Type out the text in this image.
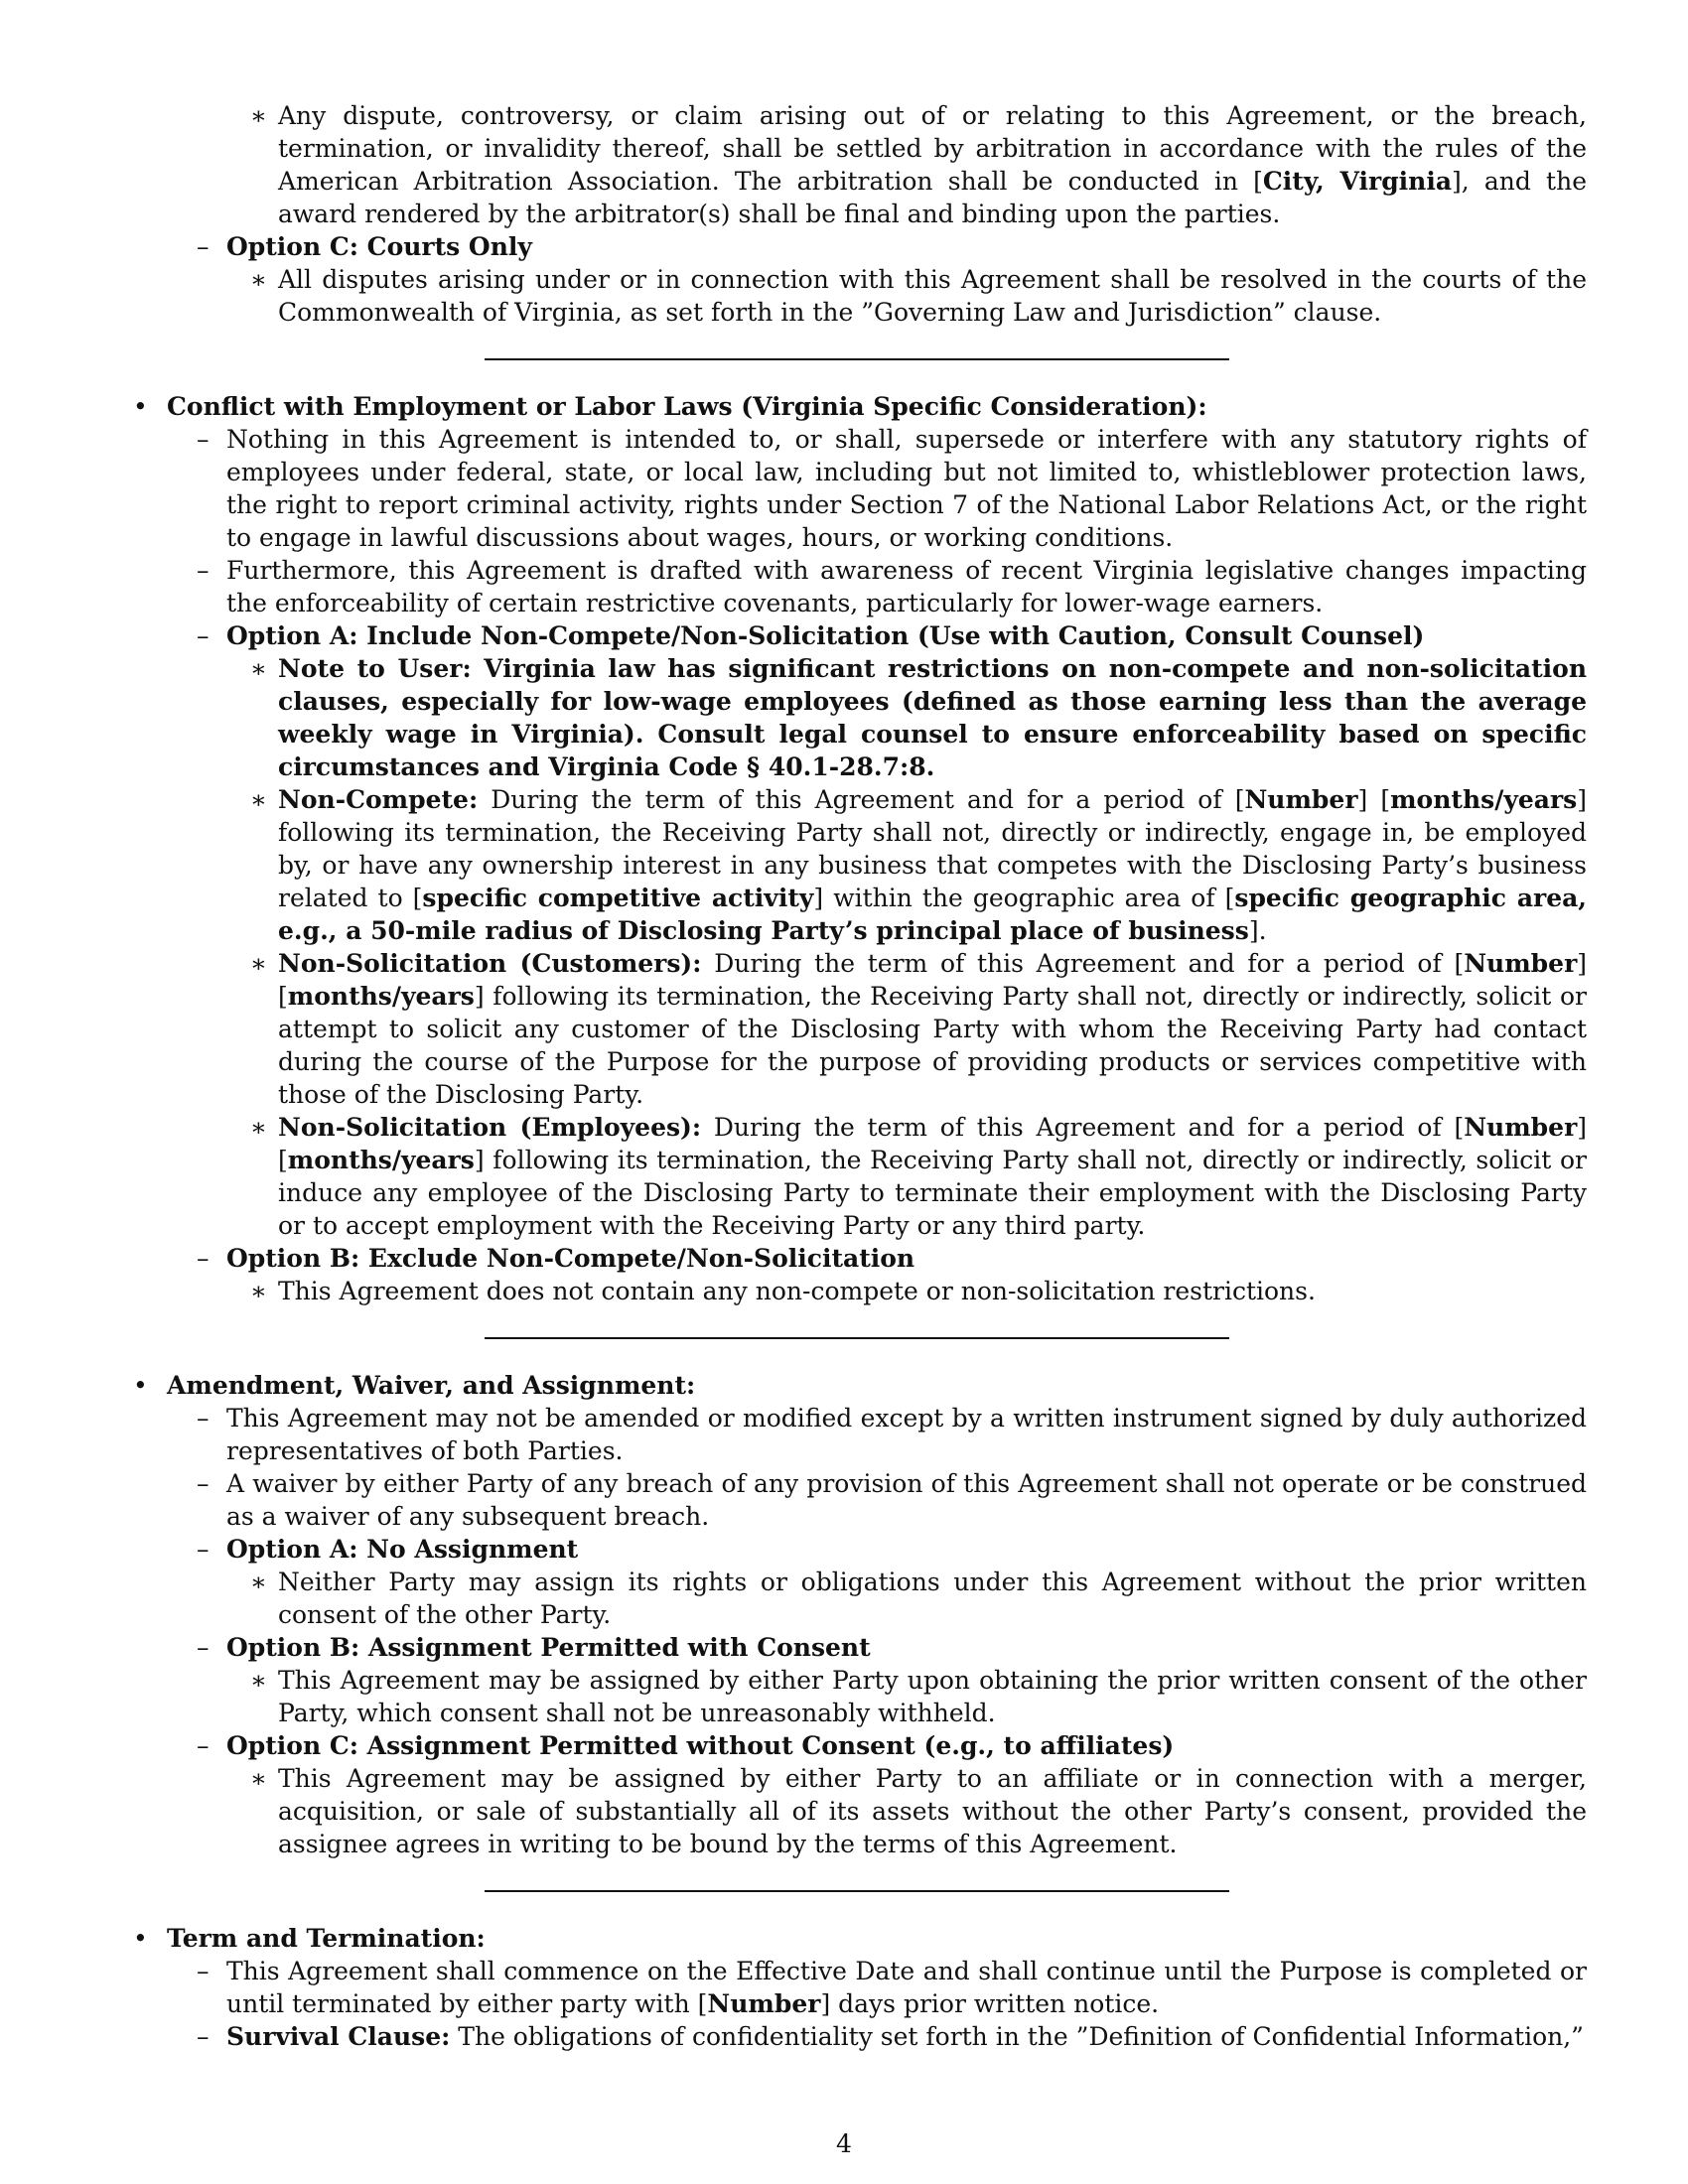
∗ Any dispute, controversy, or claim arising out of or relating to this Agreement, or the breach, termination, or invalidity thereof, shall be settled by arbitration in accordance with the rules of the American Arbitration Association. The arbitration shall be conducted in [City, Virginia], and the award rendered by the arbitrator(s) shall be final and binding upon the parties.
– Option C: Courts Only
∗ All disputes arising under or in connection with this Agreement shall be resolved in the courts of the Commonwealth of Virginia, as set forth in the ”Governing Law and Jurisdiction” clause.
• Conflict with Employment or Labor Laws (Virginia Specific Consideration):
– Nothing in this Agreement is intended to, or shall, supersede or interfere with any statutory rights of employees under federal, state, or local law, including but not limited to, whistleblower protection laws, the right to report criminal activity, rights under Section 7 of the National Labor Relations Act, or the right to engage in lawful discussions about wages, hours, or working conditions.
– Furthermore, this Agreement is drafted with awareness of recent Virginia legislative changes impacting the enforceability of certain restrictive covenants, particularly for lower-wage earners.
– Option A: Include Non-Compete/Non-Solicitation (Use with Caution, Consult Counsel)
∗ Note to User: Virginia law has significant restrictions on non-compete and non-solicitation clauses, especially for low-wage employees (defined as those earning less than the average weekly wage in Virginia). Consult legal counsel to ensure enforceability based on specific circumstances and Virginia Code § 40.1-28.7:8.
∗ Non-Compete: During the term of this Agreement and for a period of [Number] [months/years] following its termination, the Receiving Party shall not, directly or indirectly, engage in, be employed by, or have any ownership interest in any business that competes with the Disclosing Party’s business related to [specific competitive activity] within the geographic area of [specific geographic area, e.g., a 50-mile radius of Disclosing Party’s principal place of business].
∗ Non-Solicitation (Customers): During the term of this Agreement and for a period of [Number] [months/years] following its termination, the Receiving Party shall not, directly or indirectly, solicit or attempt to solicit any customer of the Disclosing Party with whom the Receiving Party had contact during the course of the Purpose for the purpose of providing products or services competitive with those of the Disclosing Party.
∗ Non-Solicitation (Employees): During the term of this Agreement and for a period of [Number] [months/years] following its termination, the Receiving Party shall not, directly or indirectly, solicit or induce any employee of the Disclosing Party to terminate their employment with the Disclosing Party or to accept employment with the Receiving Party or any third party.
– Option B: Exclude Non-Compete/Non-Solicitation
∗ This Agreement does not contain any non-compete or non-solicitation restrictions.
• Amendment, Waiver, and Assignment:
– This Agreement may not be amended or modified except by a written instrument signed by duly authorized representatives of both Parties.
– A waiver by either Party of any breach of any provision of this Agreement shall not operate or be construed as a waiver of any subsequent breach.
– Option A: No Assignment
∗ Neither Party may assign its rights or obligations under this Agreement without the prior written consent of the other Party.
– Option B: Assignment Permitted with Consent
∗ This Agreement may be assigned by either Party upon obtaining the prior written consent of the other Party, which consent shall not be unreasonably withheld.
– Option C: Assignment Permitted without Consent (e.g., to affiliates)
∗ This Agreement may be assigned by either Party to an affiliate or in connection with a merger, acquisition, or sale of substantially all of its assets without the other Party’s consent, provided the assignee agrees in writing to be bound by the terms of this Agreement.
• Term and Termination:
– This Agreement shall commence on the Effective Date and shall continue until the Purpose is completed or until terminated by either party with [Number] days prior written notice.
– Survival Clause: The obligations of confidentiality set forth in the ”Definition of Confidential Information,”
4
